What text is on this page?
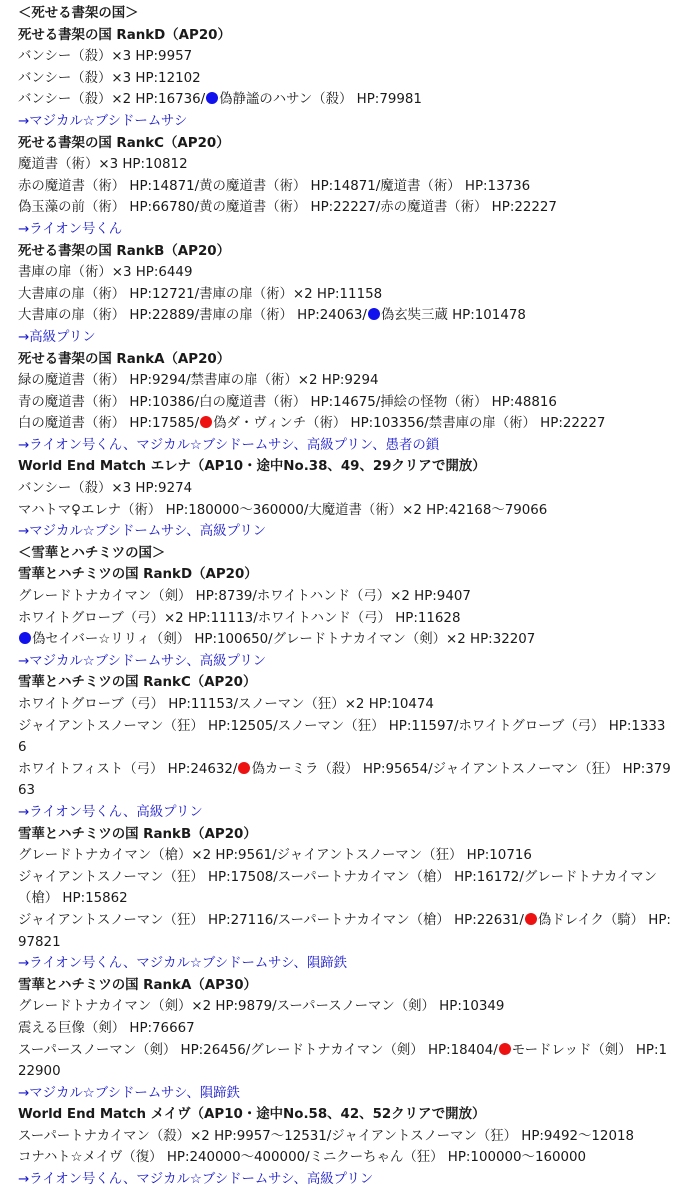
＜死せる書架の国＞
死せる書架の国 RankD（AP20）
バンシー（殺）×3 HP:9957
バンシー（殺）×3 HP:12102
バンシー（殺）×2 HP:16736/ 偽静謐のハサン（殺） HP:79981
→マジカル☆ブシドームサシ
死せる書架の国 RankC（AP20）
魔道書（術）×3 HP:10812
赤の魔道書（術） HP:14871/黄の魔道書（術） HP:14871/魔道書（術） HP:13736
偽玉藻の前（術） HP:66780/黄の魔道書（術） HP:22227/赤の魔道書（術） HP:22227
→ライオン号くん
死せる書架の国 RankB（AP20）
書庫の扉（術）×3 HP:6449
大書庫の扉（術） HP:12721/書庫の扉（術）×2 HP:11158
大書庫の扉（術） HP:22889/書庫の扉（術） HP:24063/ 偽玄奘三蔵 HP:101478
→高級プリン
死せる書架の国 RankA（AP20）
緑の魔道書（術） HP:9294/禁書庫の扉（術）×2 HP:9294
青の魔道書（術） HP:10386/白の魔道書（術） HP:14675/挿絵の怪物（術） HP:48816
白の魔道書（術） HP:17585/ 偽ダ・ヴィンチ（術） HP:103356/禁書庫の扉（術） HP:22227
→ライオン号くん、マジカル☆ブシドームサシ、高級プリン、愚者の鎖
World End Match エレナ（AP10・途中No.38、49、29クリアで開放）
バンシー（殺）×3 HP:9274
マハトマ♀エレナ（術） HP:180000〜360000/大魔道書（術）×2 HP:42168〜79066
→マジカル☆ブシドームサシ、高級プリン
＜雪華とハチミツの国＞
雪華とハチミツの国 RankD（AP20）
グレードトナカイマン（剣） HP:8739/ホワイトハンド（弓）×2 HP:9407
ホワイトグローブ（弓）×2 HP:11113/ホワイトハンド（弓） HP:11628
偽セイバー☆リリィ（剣） HP:100650/グレードトナカイマン（剣）×2 HP:32207
→マジカル☆ブシドームサシ、高級プリン
雪華とハチミツの国 RankC（AP20）
ホワイトグローブ（弓） HP:11153/スノーマン（狂）×2 HP:10474
ジャイアントスノーマン（狂） HP:12505/スノーマン（狂） HP:11597/ホワイトグローブ（弓） HP:13336
ホワイトフィスト（弓） HP:24632/ 偽カーミラ（殺） HP:95654/ジャイアントスノーマン（狂） HP:37963
→ライオン号くん、高級プリン
雪華とハチミツの国 RankB（AP20）
グレードトナカイマン（槍）×2 HP:9561/ジャイアントスノーマン（狂） HP:10716
ジャイアントスノーマン（狂） HP:17508/スーパートナカイマン（槍） HP:16172/グレードトナカイマン（槍） HP:15862
ジャイアントスノーマン（狂） HP:27116/スーパートナカイマン（槍） HP:22631/ 偽ドレイク（騎） HP:97821
→ライオン号くん、マジカル☆ブシドームサシ、隕蹄鉄
雪華とハチミツの国 RankA（AP30）
グレードトナカイマン（剣）×2 HP:9879/スーパースノーマン（剣） HP:10349
震える巨像（剣） HP:76667
スーパースノーマン（剣） HP:26456/グレードトナカイマン（剣） HP:18404/ モードレッド（剣） HP:122900
→マジカル☆ブシドームサシ、隕蹄鉄
World End Match メイヴ（AP10・途中No.58、42、52クリアで開放）
スーパートナカイマン（殺）×2 HP:9957〜12531/ジャイアントスノーマン（狂） HP:9492〜12018
コナハト☆メイヴ（復） HP:240000〜400000/ミニクーちゃん（狂） HP:100000〜160000
→ライオン号くん、マジカル☆ブシドームサシ、高級プリン
